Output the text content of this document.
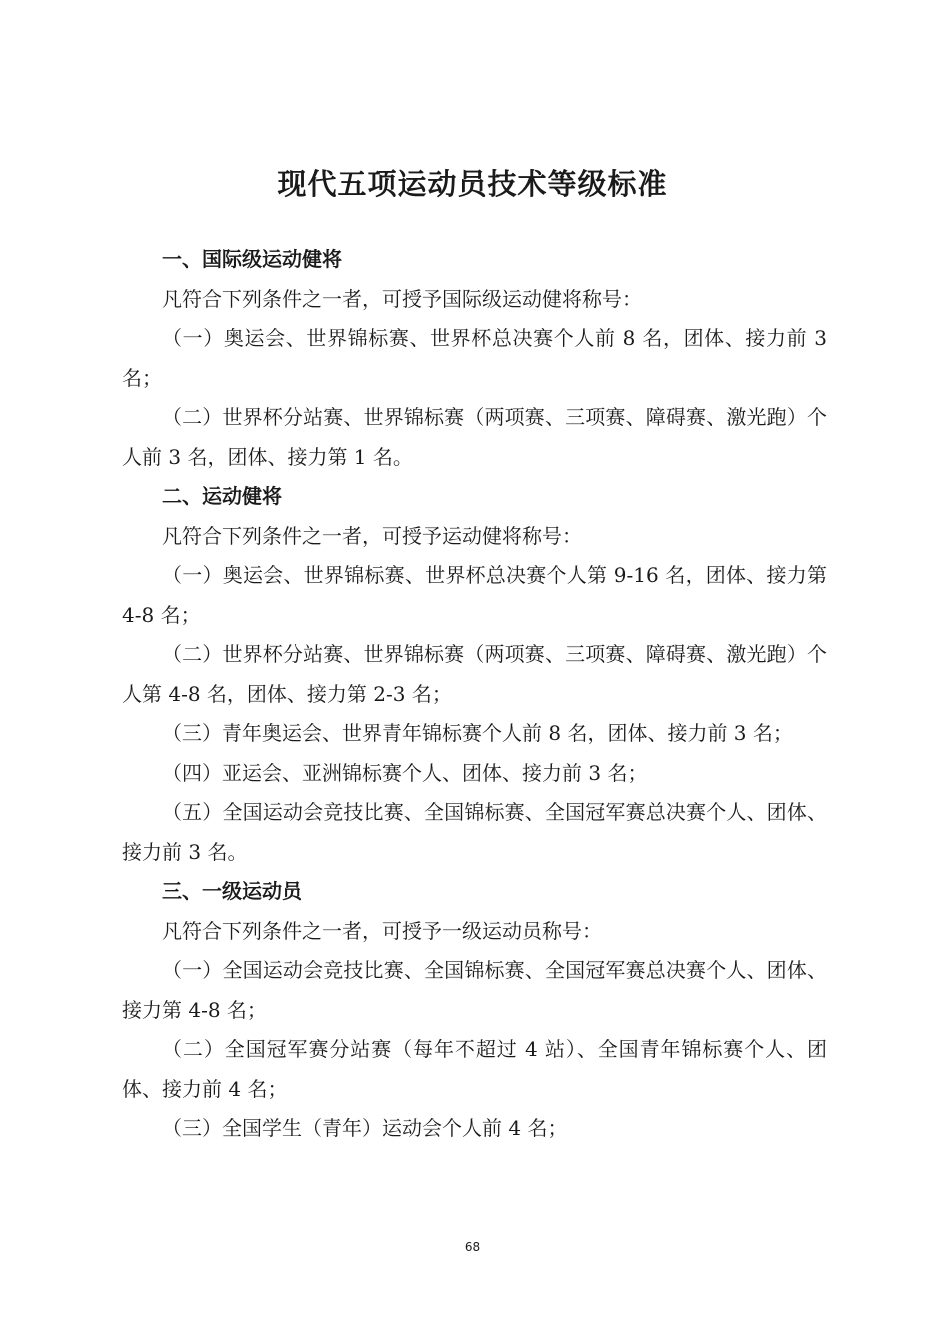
现代五项运动员技术等级标准

一、国际级运动健将

凡符合下列条件之一者，可授予国际级运动健将称号：

（一）奥运会、世界锦标赛、世界杯总决赛个人前 8 名，团体、接力前 3 名；

（二）世界杯分站赛、世界锦标赛（两项赛、三项赛、障碍赛、激光跑）个人前 3 名，团体、接力第 1 名。

二、运动健将

凡符合下列条件之一者，可授予运动健将称号：

（一）奥运会、世界锦标赛、世界杯总决赛个人第 9-16 名，团体、接力第 4-8 名；

（二）世界杯分站赛、世界锦标赛（两项赛、三项赛、障碍赛、激光跑）个人第 4-8 名，团体、接力第 2-3 名；

（三）青年奥运会、世界青年锦标赛个人前 8 名，团体、接力前 3 名；

（四）亚运会、亚洲锦标赛个人、团体、接力前 3 名；

（五）全国运动会竞技比赛、全国锦标赛、全国冠军赛总决赛个人、团体、接力前 3 名。

三、一级运动员

凡符合下列条件之一者，可授予一级运动员称号：

（一）全国运动会竞技比赛、全国锦标赛、全国冠军赛总决赛个人、团体、接力第 4-8 名；

（二）全国冠军赛分站赛（每年不超过 4 站）、全国青年锦标赛个人、团体、接力前 4 名；

（三）全国学生（青年）运动会个人前 4 名；

68
